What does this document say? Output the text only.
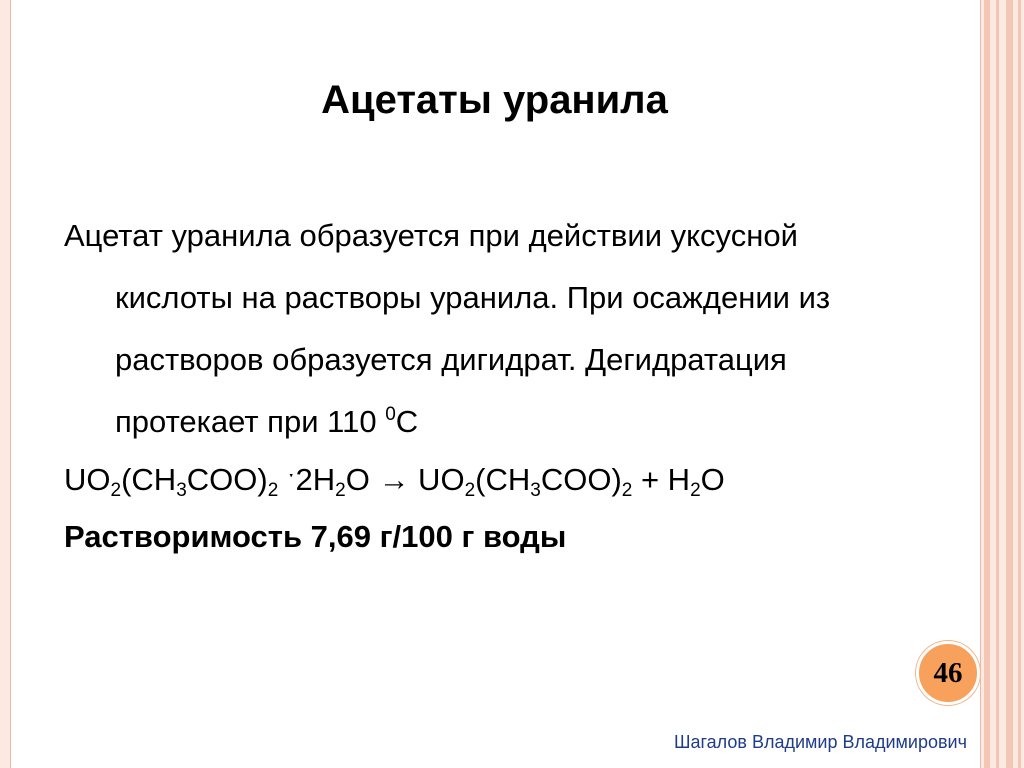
Ацетаты уранила

Ацетат уранила образуется при действии уксусной
кислоты на растворы уранила. При осаждении из
растворов образуется дигидрат. Дегидратация
протекает при 110 $^0$С

$UO_2(CH_3COO)_2$ $ˑ2H_2O \to UO_2(CH_3COO)_2 + H_2O$

Растворимость 7,69 г/100 г воды

46
Шагалов Владимир Владимирович
